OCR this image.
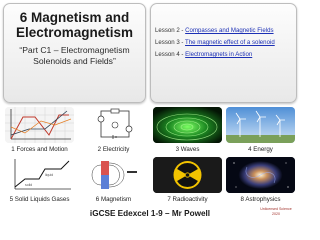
6 Magnetism and
Electromagnetism
“Part C1 – Electromagnetism
Solenoids and Fields”
Lesson 2 - Compasses and Magnetic Fields
Lesson 3 - The magnetic effect of a solenoid
Lesson 4 - Electromagnets in Action
1 Forces and Motion	2 Electricity	3 Waves	4 Energy
solid
liquid
5 Solid Liquids Gases	6 Magnetism	7 Radioactivity	8 Astrophysics
iGCSE Edexcel 1-9 – Mr Powell	Unlicensed Science
2020
